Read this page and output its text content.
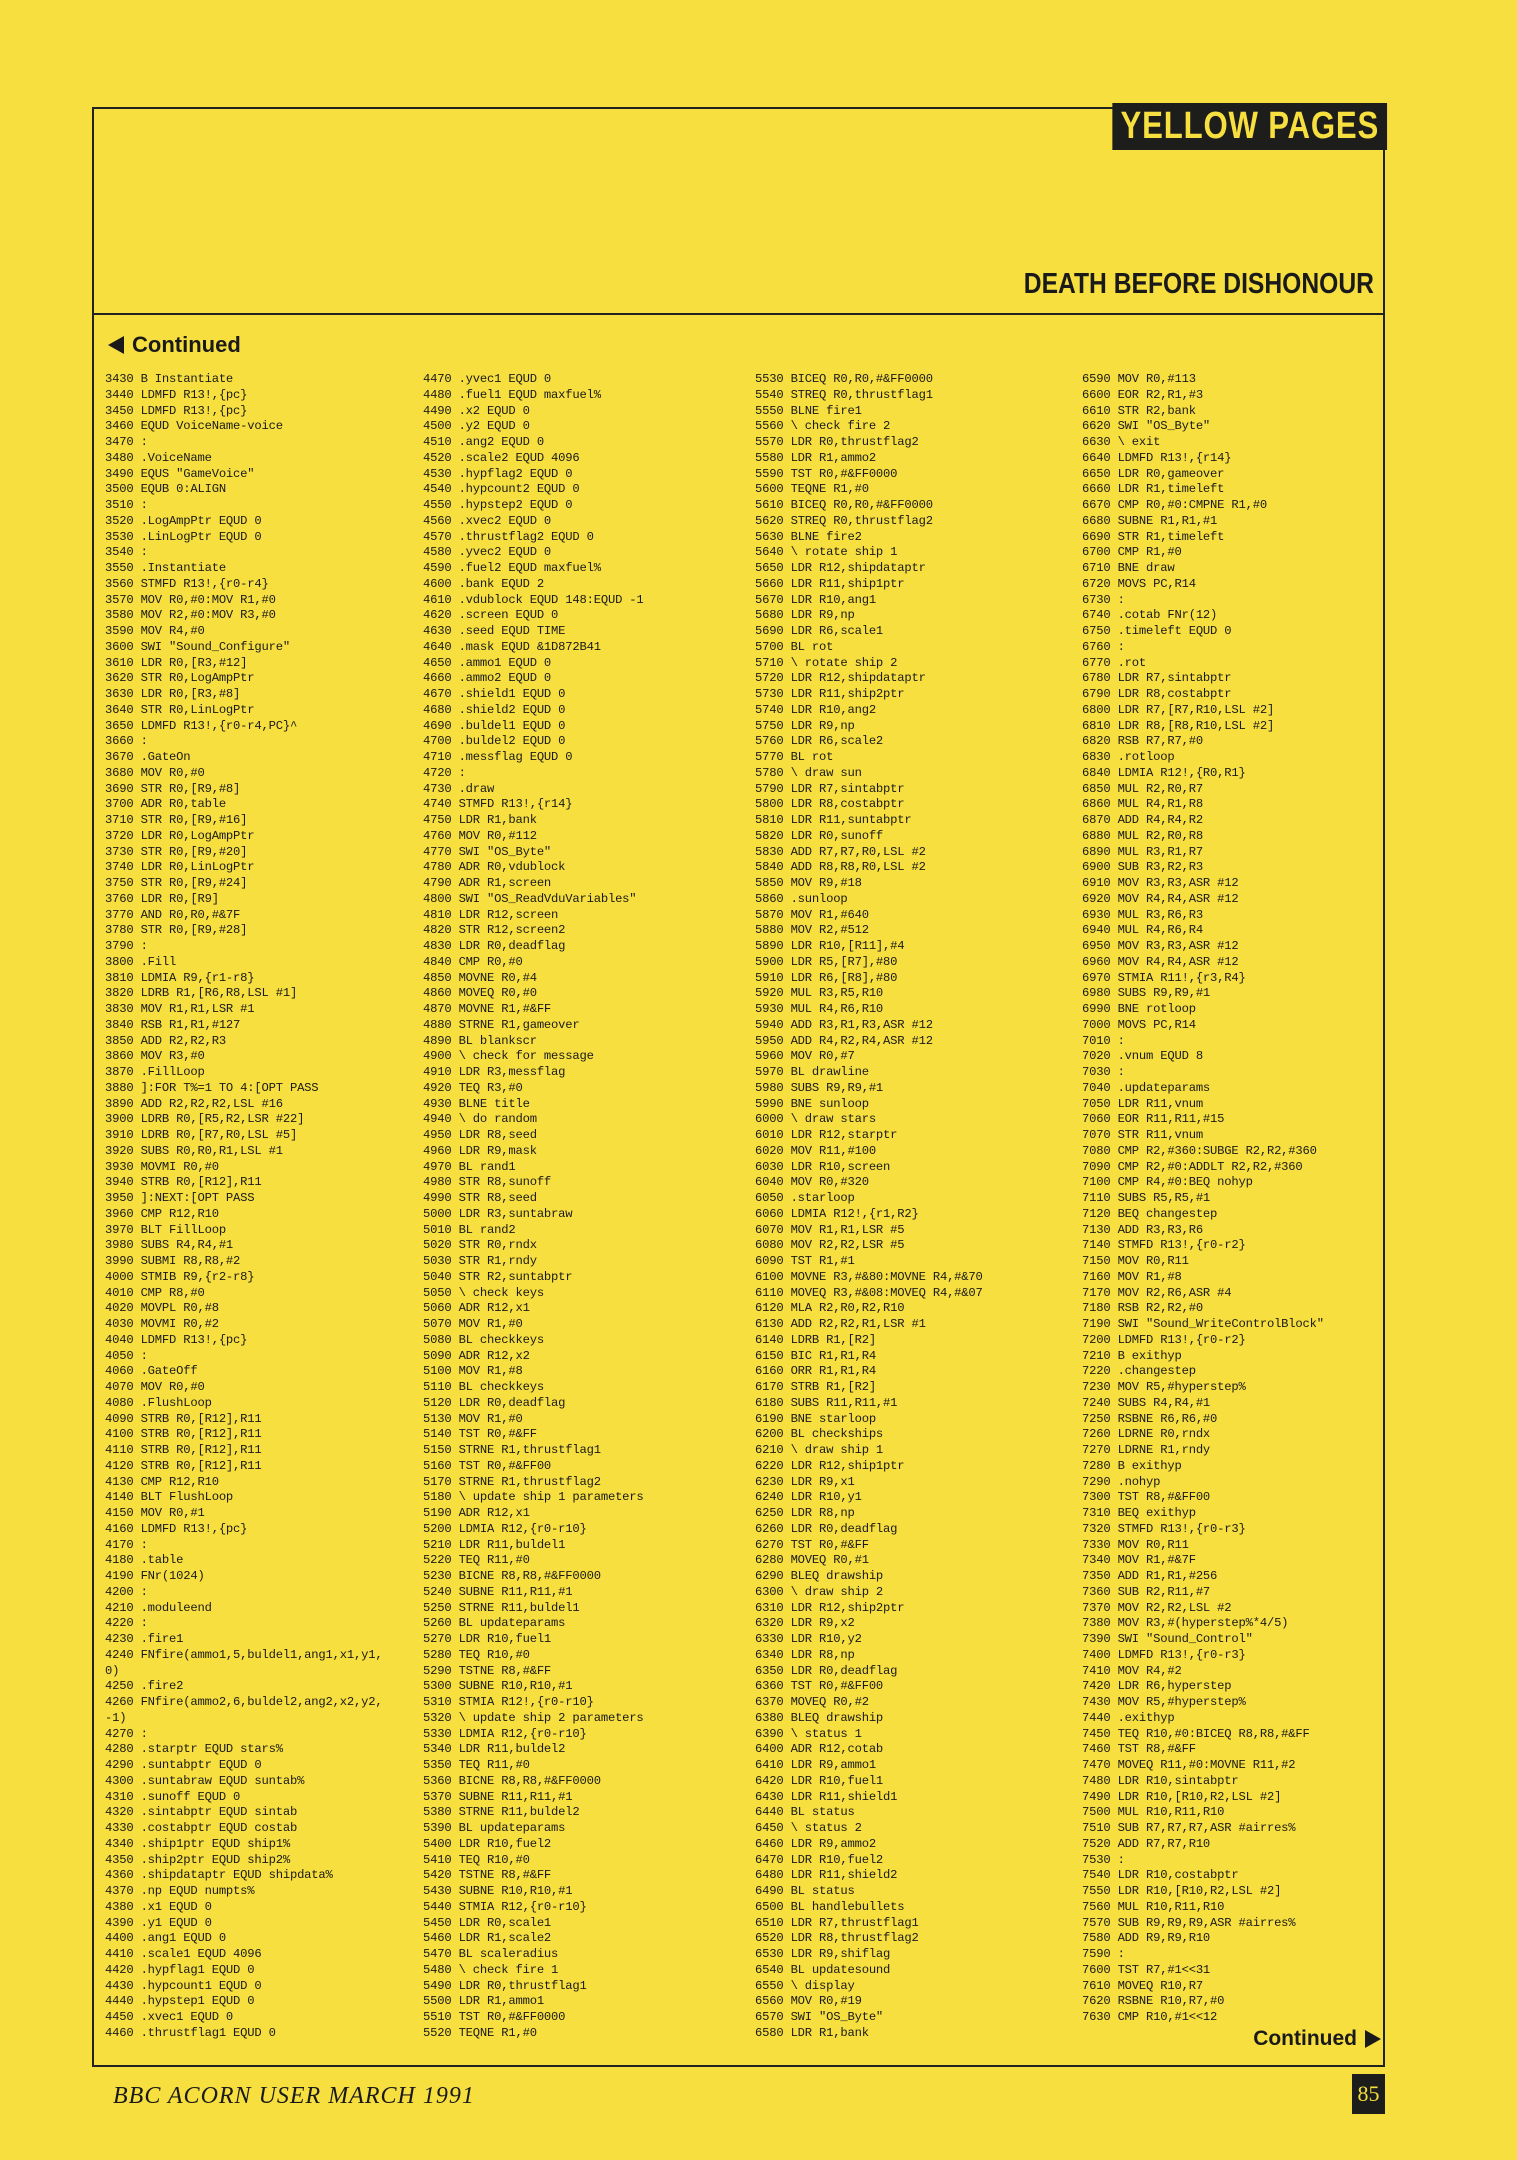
YELLOW PAGES
DEATH BEFORE DISHONOUR
Continued
3430 B Instantiate
3440 LDMFD R13!,{pc}
3450 LDMFD R13!,{pc}
3460 EQUD VoiceName-voice
3470 :
3480 .VoiceName
3490 EQUS "GameVoice"
3500 EQUB 0:ALIGN
3510 :
3520 .LogAmpPtr EQUD 0
3530 .LinLogPtr EQUD 0
3540 :
3550 .Instantiate
3560 STMFD R13!,{r0-r4}
3570 MOV R0,#0:MOV R1,#0
3580 MOV R2,#0:MOV R3,#0
3590 MOV R4,#0
3600 SWI "Sound_Configure"
3610 LDR R0,[R3,#12]
3620 STR R0,LogAmpPtr
3630 LDR R0,[R3,#8]
3640 STR R0,LinLogPtr
3650 LDMFD R13!,{r0-r4,PC}^
3660 :
3670 .GateOn
3680 MOV R0,#0
3690 STR R0,[R9,#8]
3700 ADR R0,table
3710 STR R0,[R9,#16]
3720 LDR R0,LogAmpPtr
3730 STR R0,[R9,#20]
3740 LDR R0,LinLogPtr
3750 STR R0,[R9,#24]
3760 LDR R0,[R9]
3770 AND R0,R0,#&7F
3780 STR R0,[R9,#28]
3790 :
3800 .Fill
3810 LDMIA R9,{r1-r8}
3820 LDRB R1,[R6,R8,LSL #1]
3830 MOV R1,R1,LSR #1
3840 RSB R1,R1,#127
3850 ADD R2,R2,R3
3860 MOV R3,#0
3870 .FillLoop
3880 ]:FOR T%=1 TO 4:[OPT PASS
3890 ADD R2,R2,R2,LSL #16
3900 LDRB R0,[R5,R2,LSR #22]
3910 LDRB R0,[R7,R0,LSL #5]
3920 SUBS R0,R0,R1,LSL #1
3930 MOVMI R0,#0
3940 STRB R0,[R12],R11
3950 ]:NEXT:[OPT PASS
3960 CMP R12,R10
3970 BLT FillLoop
3980 SUBS R4,R4,#1
3990 SUBMI R8,R8,#2
4000 STMIB R9,{r2-r8}
4010 CMP R8,#0
4020 MOVPL R0,#8
4030 MOVMI R0,#2
4040 LDMFD R13!,{pc}
4050 :
4060 .GateOff
4070 MOV R0,#0
4080 .FlushLoop
4090 STRB R0,[R12],R11
4100 STRB R0,[R12],R11
4110 STRB R0,[R12],R11
4120 STRB R0,[R12],R11
4130 CMP R12,R10
4140 BLT FlushLoop
4150 MOV R0,#1
4160 LDMFD R13!,{pc}
4170 :
4180 .table
4190 FNr(1024)
4200 :
4210 .moduleend
4220 :
4230 .fire1
4240 FNfire(ammo1,5,buldel1,ang1,x1,y1,
0)
4250 .fire2
4260 FNfire(ammo2,6,buldel2,ang2,x2,y2,
-1)
4270 :
4280 .starptr EQUD stars%
4290 .suntabptr EQUD 0
4300 .suntabraw EQUD suntab%
4310 .sunoff EQUD 0
4320 .sintabptr EQUD sintab
4330 .costabptr EQUD costab
4340 .ship1ptr EQUD ship1%
4350 .ship2ptr EQUD ship2%
4360 .shipdataptr EQUD shipdata%
4370 .np EQUD numpts%
4380 .x1 EQUD 0
4390 .y1 EQUD 0
4400 .ang1 EQUD 0
4410 .scale1 EQUD 4096
4420 .hypflag1 EQUD 0
4430 .hypcount1 EQUD 0
4440 .hypstep1 EQUD 0
4450 .xvec1 EQUD 0
4460 .thrustflag1 EQUD 0
4470 .yvec1 EQUD 0
4480 .fuel1 EQUD maxfuel%
4490 .x2 EQUD 0
4500 .y2 EQUD 0
4510 .ang2 EQUD 0
4520 .scale2 EQUD 4096
4530 .hypflag2 EQUD 0
4540 .hypcount2 EQUD 0
4550 .hypstep2 EQUD 0
4560 .xvec2 EQUD 0
4570 .thrustflag2 EQUD 0
4580 .yvec2 EQUD 0
4590 .fuel2 EQUD maxfuel%
4600 .bank EQUD 2
4610 .vdublock EQUD 148:EQUD -1
4620 .screen EQUD 0
4630 .seed EQUD TIME
4640 .mask EQUD &1D872B41
4650 .ammo1 EQUD 0
4660 .ammo2 EQUD 0
4670 .shield1 EQUD 0
4680 .shield2 EQUD 0
4690 .buldel1 EQUD 0
4700 .buldel2 EQUD 0
4710 .messflag EQUD 0
4720 :
4730 .draw
4740 STMFD R13!,{r14}
4750 LDR R1,bank
4760 MOV R0,#112
4770 SWI "OS_Byte"
4780 ADR R0,vdublock
4790 ADR R1,screen
4800 SWI "OS_ReadVduVariables"
4810 LDR R12,screen
4820 STR R12,screen2
4830 LDR R0,deadflag
4840 CMP R0,#0
4850 MOVNE R0,#4
4860 MOVEQ R0,#0
4870 MOVNE R1,#&FF
4880 STRNE R1,gameover
4890 BL blankscr
4900 \ check for message
4910 LDR R3,messflag
4920 TEQ R3,#0
4930 BLNE title
4940 \ do random
4950 LDR R8,seed
4960 LDR R9,mask
4970 BL rand1
4980 STR R8,sunoff
4990 STR R8,seed
5000 LDR R3,suntabraw
5010 BL rand2
5020 STR R0,rndx
5030 STR R1,rndy
5040 STR R2,suntabptr
5050 \ check keys
5060 ADR R12,x1
5070 MOV R1,#0
5080 BL checkkeys
5090 ADR R12,x2
5100 MOV R1,#8
5110 BL checkkeys
5120 LDR R0,deadflag
5130 MOV R1,#0
5140 TST R0,#&FF
5150 STRNE R1,thrustflag1
5160 TST R0,#&FF00
5170 STRNE R1,thrustflag2
5180 \ update ship 1 parameters
5190 ADR R12,x1
5200 LDMIA R12,{r0-r10}
5210 LDR R11,buldel1
5220 TEQ R11,#0
5230 BICNE R8,R8,#&FF0000
5240 SUBNE R11,R11,#1
5250 STRNE R11,buldel1
5260 BL updateparams
5270 LDR R10,fuel1
5280 TEQ R10,#0
5290 TSTNE R8,#&FF
5300 SUBNE R10,R10,#1
5310 STMIA R12!,{r0-r10}
5320 \ update ship 2 parameters
5330 LDMIA R12,{r0-r10}
5340 LDR R11,buldel2
5350 TEQ R11,#0
5360 BICNE R8,R8,#&FF0000
5370 SUBNE R11,R11,#1
5380 STRNE R11,buldel2
5390 BL updateparams
5400 LDR R10,fuel2
5410 TEQ R10,#0
5420 TSTNE R8,#&FF
5430 SUBNE R10,R10,#1
5440 STMIA R12,{r0-r10}
5450 LDR R0,scale1
5460 LDR R1,scale2
5470 BL scaleradius
5480 \ check fire 1
5490 LDR R0,thrustflag1
5500 LDR R1,ammo1
5510 TST R0,#&FF0000
5520 TEQNE R1,#0
5530 BICEQ R0,R0,#&FF0000
5540 STREQ R0,thrustflag1
5550 BLNE fire1
5560 \ check fire 2
5570 LDR R0,thrustflag2
5580 LDR R1,ammo2
5590 TST R0,#&FF0000
5600 TEQNE R1,#0
5610 BICEQ R0,R0,#&FF0000
5620 STREQ R0,thrustflag2
5630 BLNE fire2
5640 \ rotate ship 1
5650 LDR R12,shipdataptr
5660 LDR R11,ship1ptr
5670 LDR R10,ang1
5680 LDR R9,np
5690 LDR R6,scale1
5700 BL rot
5710 \ rotate ship 2
5720 LDR R12,shipdataptr
5730 LDR R11,ship2ptr
5740 LDR R10,ang2
5750 LDR R9,np
5760 LDR R6,scale2
5770 BL rot
5780 \ draw sun
5790 LDR R7,sintabptr
5800 LDR R8,costabptr
5810 LDR R11,suntabptr
5820 LDR R0,sunoff
5830 ADD R7,R7,R0,LSL #2
5840 ADD R8,R8,R0,LSL #2
5850 MOV R9,#18
5860 .sunloop
5870 MOV R1,#640
5880 MOV R2,#512
5890 LDR R10,[R11],#4
5900 LDR R5,[R7],#80
5910 LDR R6,[R8],#80
5920 MUL R3,R5,R10
5930 MUL R4,R6,R10
5940 ADD R3,R1,R3,ASR #12
5950 ADD R4,R2,R4,ASR #12
5960 MOV R0,#7
5970 BL drawline
5980 SUBS R9,R9,#1
5990 BNE sunloop
6000 \ draw stars
6010 LDR R12,starptr
6020 MOV R11,#100
6030 LDR R10,screen
6040 MOV R0,#320
6050 .starloop
6060 LDMIA R12!,{r1,R2}
6070 MOV R1,R1,LSR #5
6080 MOV R2,R2,LSR #5
6090 TST R1,#1
6100 MOVNE R3,#&80:MOVNE R4,#&70
6110 MOVEQ R3,#&08:MOVEQ R4,#&07
6120 MLA R2,R0,R2,R10
6130 ADD R2,R2,R1,LSR #1
6140 LDRB R1,[R2]
6150 BIC R1,R1,R4
6160 ORR R1,R1,R4
6170 STRB R1,[R2]
6180 SUBS R11,R11,#1
6190 BNE starloop
6200 BL checkships
6210 \ draw ship 1
6220 LDR R12,ship1ptr
6230 LDR R9,x1
6240 LDR R10,y1
6250 LDR R8,np
6260 LDR R0,deadflag
6270 TST R0,#&FF
6280 MOVEQ R0,#1
6290 BLEQ drawship
6300 \ draw ship 2
6310 LDR R12,ship2ptr
6320 LDR R9,x2
6330 LDR R10,y2
6340 LDR R8,np
6350 LDR R0,deadflag
6360 TST R0,#&FF00
6370 MOVEQ R0,#2
6380 BLEQ drawship
6390 \ status 1
6400 ADR R12,cotab
6410 LDR R9,ammo1
6420 LDR R10,fuel1
6430 LDR R11,shield1
6440 BL status
6450 \ status 2
6460 LDR R9,ammo2
6470 LDR R10,fuel2
6480 LDR R11,shield2
6490 BL status
6500 BL handlebullets
6510 LDR R7,thrustflag1
6520 LDR R8,thrustflag2
6530 LDR R9,shiflag
6540 BL updatesound
6550 \ display
6560 MOV R0,#19
6570 SWI "OS_Byte"
6580 LDR R1,bank
6590 MOV R0,#113
6600 EOR R2,R1,#3
6610 STR R2,bank
6620 SWI "OS_Byte"
6630 \ exit
6640 LDMFD R13!,{r14}
6650 LDR R0,gameover
6660 LDR R1,timeleft
6670 CMP R0,#0:CMPNE R1,#0
6680 SUBNE R1,R1,#1
6690 STR R1,timeleft
6700 CMP R1,#0
6710 BNE draw
6720 MOVS PC,R14
6730 :
6740 .cotab FNr(12)
6750 .timeleft EQUD 0
6760 :
6770 .rot
6780 LDR R7,sintabptr
6790 LDR R8,costabptr
6800 LDR R7,[R7,R10,LSL #2]
6810 LDR R8,[R8,R10,LSL #2]
6820 RSB R7,R7,#0
6830 .rotloop
6840 LDMIA R12!,{R0,R1}
6850 MUL R2,R0,R7
6860 MUL R4,R1,R8
6870 ADD R4,R4,R2
6880 MUL R2,R0,R8
6890 MUL R3,R1,R7
6900 SUB R3,R2,R3
6910 MOV R3,R3,ASR #12
6920 MOV R4,R4,ASR #12
6930 MUL R3,R6,R3
6940 MUL R4,R6,R4
6950 MOV R3,R3,ASR #12
6960 MOV R4,R4,ASR #12
6970 STMIA R11!,{r3,R4}
6980 SUBS R9,R9,#1
6990 BNE rotloop
7000 MOVS PC,R14
7010 :
7020 .vnum EQUD 8
7030 :
7040 .updateparams
7050 LDR R11,vnum
7060 EOR R11,R11,#15
7070 STR R11,vnum
7080 CMP R2,#360:SUBGE R2,R2,#360
7090 CMP R2,#0:ADDLT R2,R2,#360
7100 CMP R4,#0:BEQ nohyp
7110 SUBS R5,R5,#1
7120 BEQ changestep
7130 ADD R3,R3,R6
7140 STMFD R13!,{r0-r2}
7150 MOV R0,R11
7160 MOV R1,#8
7170 MOV R2,R6,ASR #4
7180 RSB R2,R2,#0
7190 SWI "Sound_WriteControlBlock"
7200 LDMFD R13!,{r0-r2}
7210 B exithyp
7220 .changestep
7230 MOV R5,#hyperstep%
7240 SUBS R4,R4,#1
7250 RSBNE R6,R6,#0
7260 LDRNE R0,rndx
7270 LDRNE R1,rndy
7280 B exithyp
7290 .nohyp
7300 TST R8,#&FF00
7310 BEQ exithyp
7320 STMFD R13!,{r0-r3}
7330 MOV R0,R11
7340 MOV R1,#&7F
7350 ADD R1,R1,#256
7360 SUB R2,R11,#7
7370 MOV R2,R2,LSL #2
7380 MOV R3,#(hyperstep%*4/5)
7390 SWI "Sound_Control"
7400 LDMFD R13!,{r0-r3}
7410 MOV R4,#2
7420 LDR R6,hyperstep
7430 MOV R5,#hyperstep%
7440 .exithyp
7450 TEQ R10,#0:BICEQ R8,R8,#&FF
7460 TST R8,#&FF
7470 MOVEQ R11,#0:MOVNE R11,#2
7480 LDR R10,sintabptr
7490 LDR R10,[R10,R2,LSL #2]
7500 MUL R10,R11,R10
7510 SUB R7,R7,R7,ASR #airres%
7520 ADD R7,R7,R10
7530 :
7540 LDR R10,costabptr
7550 LDR R10,[R10,R2,LSL #2]
7560 MUL R10,R11,R10
7570 SUB R9,R9,R9,ASR #airres%
7580 ADD R9,R9,R10
7590 :
7600 TST R7,#1<<31
7610 MOVEQ R10,R7
7620 RSBNE R10,R7,#0
7630 CMP R10,#1<<12
Continued
BBC ACORN USER MARCH 1991	85
